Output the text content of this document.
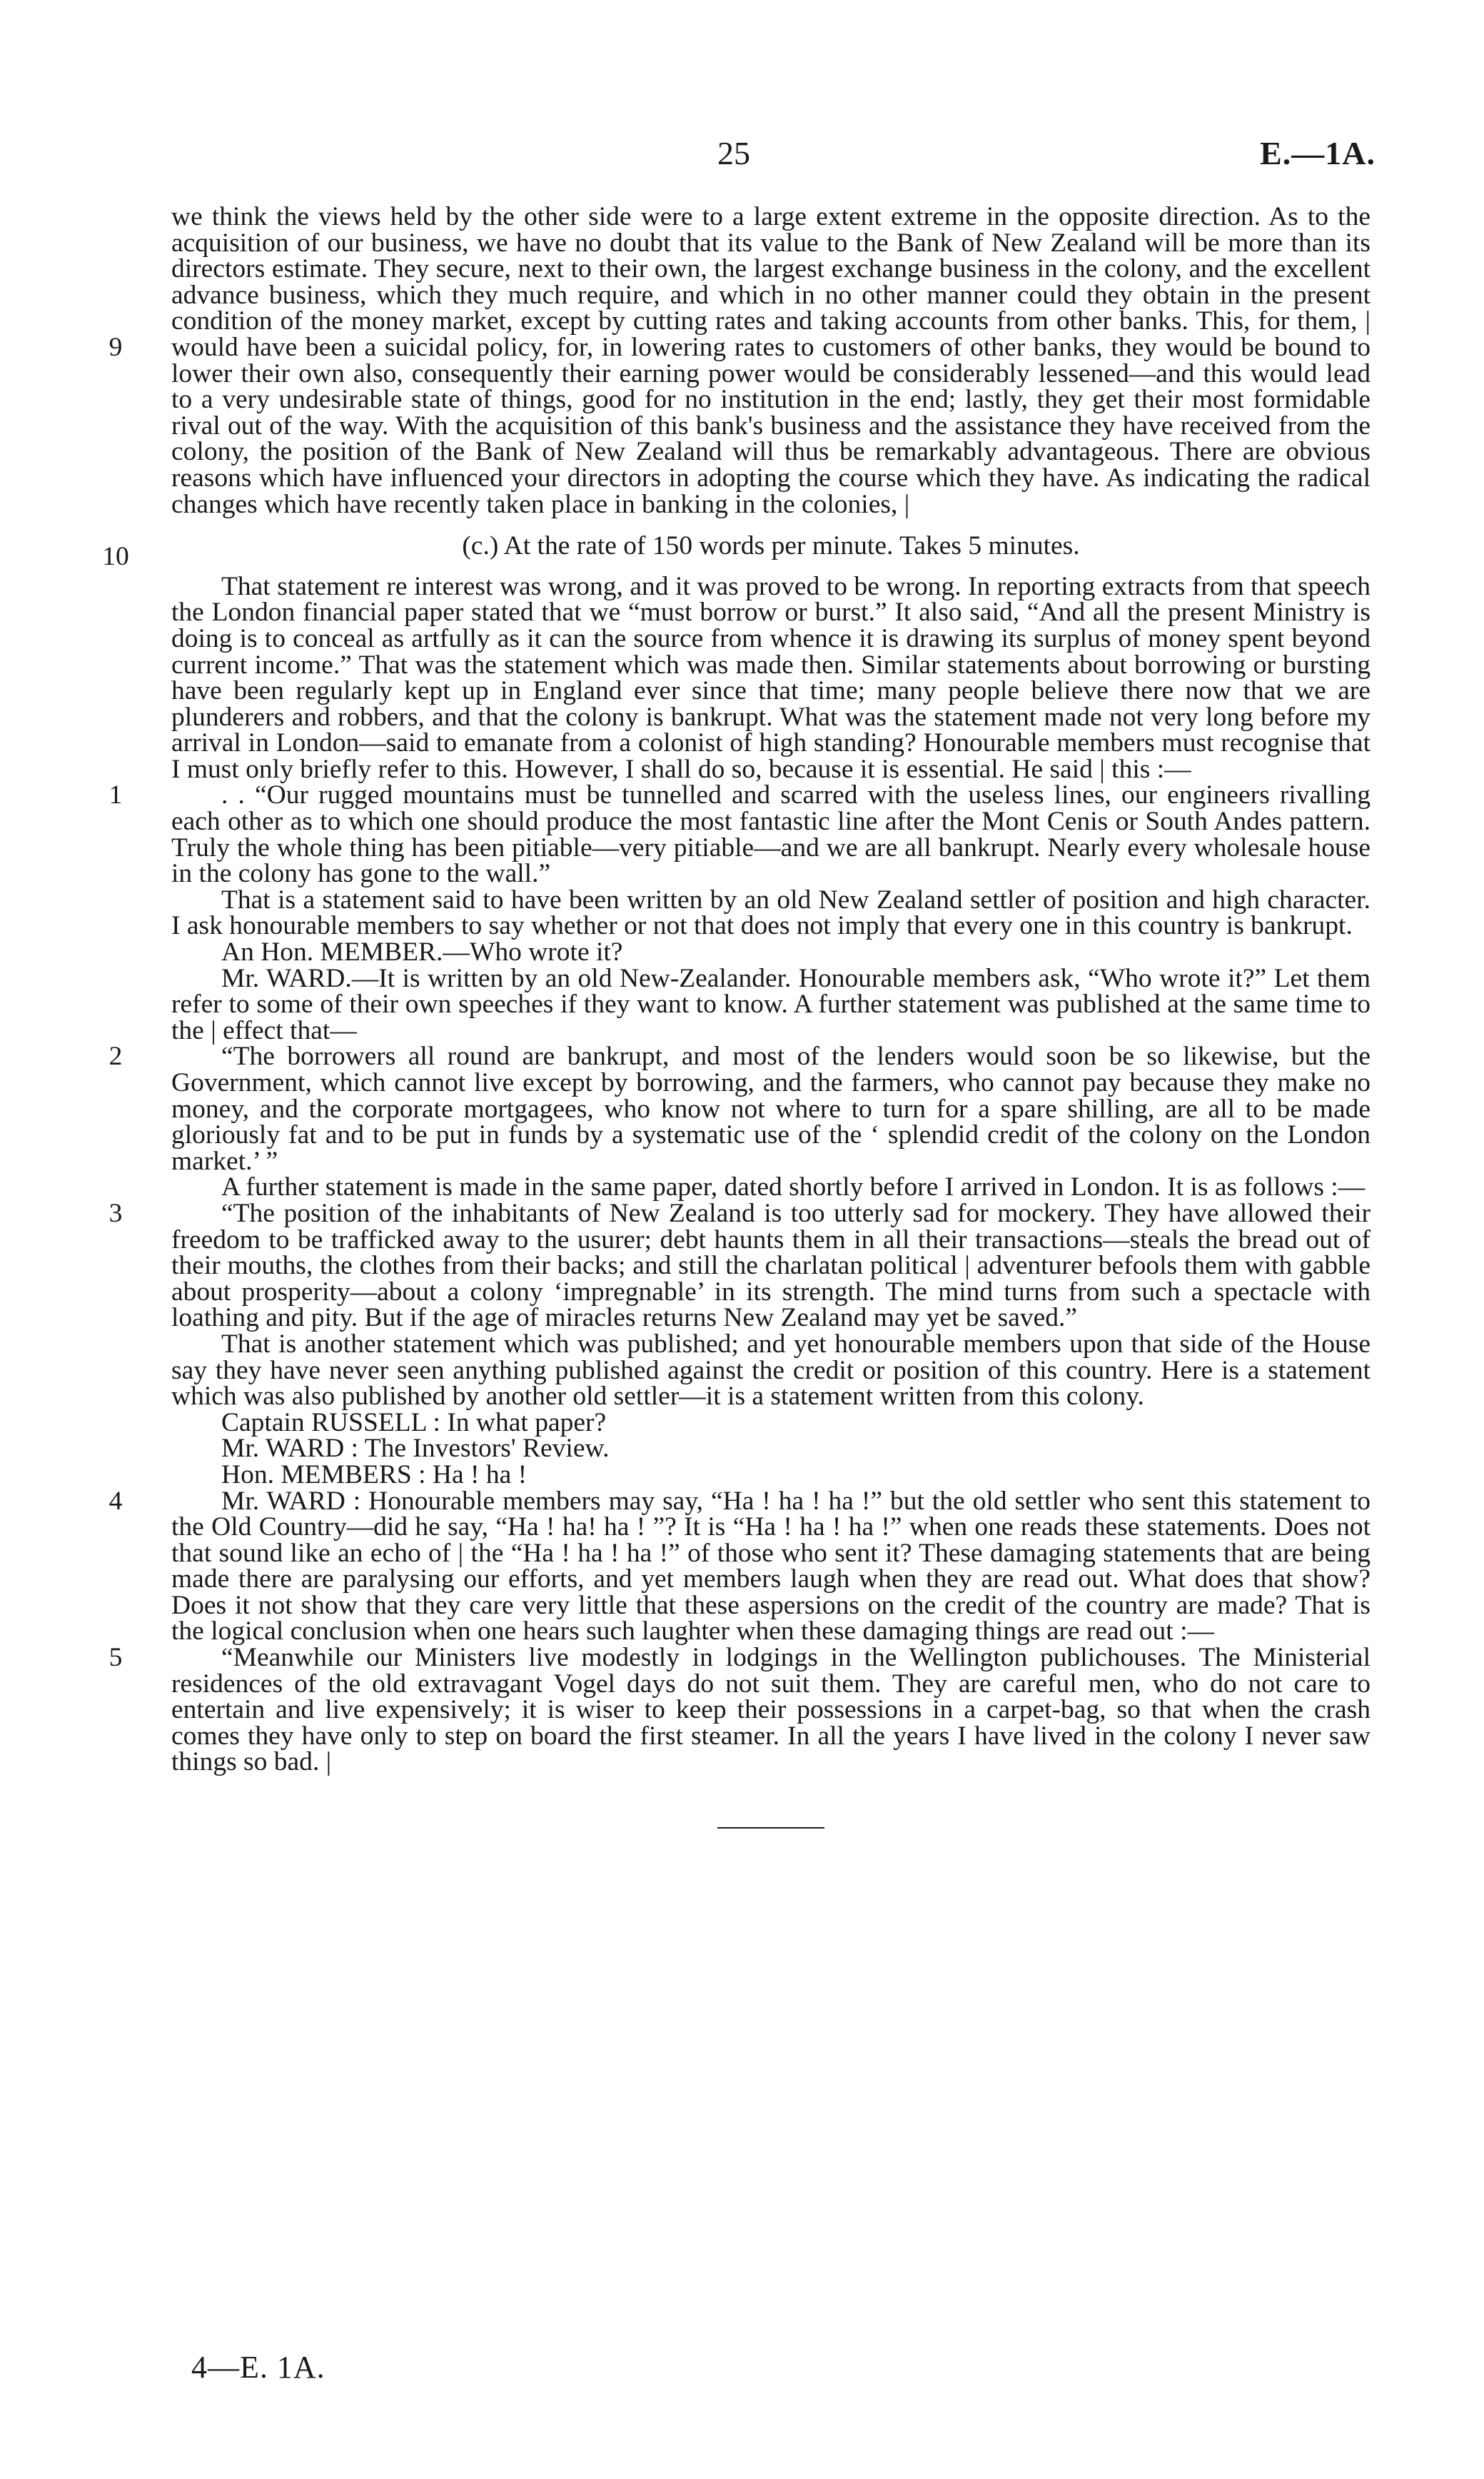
25	E.—1A.

we think the views held by the other side were to a large extent extreme in the opposite direction. As to the acquisition of our business, we have no doubt that its value to the Bank of New Zealand will be more than its directors estimate. They secure, next to their own, the largest exchange business in the colony, and the excellent advance business, which they much require, and which in no other manner could they obtain in the present condition of the money market, except by cutting rates and taking accounts from other banks. This, for them, | would have been a suicidal policy, for, in lowering rates to customers of other banks, they would be bound to lower their own also, consequently their earning power would be considerably lessened—and this would lead to a very undesirable state of things, good for no institution in the end; lastly, they get their most formidable rival out of the way. With the acquisition of this bank's business and the assistance they have received from the colony, the position of the Bank of New Zealand will thus be remarkably advantageous. There are obvious reasons which have influenced your directors in adopting the course which they have. As indicating the radical changes which have recently taken place in banking in the colonies, |
9
10	(c.) At the rate of 150 words per minute. Takes 5 minutes.

That statement re interest was wrong, and it was proved to be wrong. In reporting extracts from that speech the London financial paper stated that we “must borrow or burst.” It also said, “And all the present Ministry is doing is to conceal as artfully as it can the source from whence it is drawing its surplus of money spent beyond current income.” That was the statement which was made then. Similar statements about borrowing or bursting have been regularly kept up in England ever since that time; many people believe there now that we are plunderers and robbers, and that the colony is bankrupt. What was the statement made not very long before my arrival in London—said to emanate from a colonist of high standing? Honourable members must recognise that I must only briefly refer to this. However, I shall do so, because it is essential. He said | this :—

1	. . “Our rugged mountains must be tunnelled and scarred with the useless lines, our engineers rivalling each other as to which one should produce the most fantastic line after the Mont Cenis or South Andes pattern. Truly the whole thing has been pitiable—very pitiable—and we are all bankrupt. Nearly every wholesale house in the colony has gone to the wall.”

That is a statement said to have been written by an old New Zealand settler of position and high character. I ask honourable members to say whether or not that does not imply that every one in this country is bankrupt.

An Hon. MEMBER.—Who wrote it?

Mr. WARD.—It is written by an old New-Zealander. Honourable members ask, “Who wrote it?” Let them refer to some of their own speeches if they want to know. A further statement was published at the same time to the | effect that—

2	“The borrowers all round are bankrupt, and most of the lenders would soon be so likewise, but the Government, which cannot live except by borrowing, and the farmers, who cannot pay because they make no money, and the corporate mortgagees, who know not where to turn for a spare shilling, are all to be made gloriously fat and to be put in funds by a systematic use of the ‘ splendid credit of the colony on the London market.’ ”

A further statement is made in the same paper, dated shortly before I arrived in London. It is as follows :—

3	“The position of the inhabitants of New Zealand is too utterly sad for mockery. They have allowed their freedom to be trafficked away to the usurer; debt haunts them in all their transactions—steals the bread out of their mouths, the clothes from their backs; and still the charlatan political | adventurer befools them with gabble about prosperity—about a colony ‘impregnable’ in its strength. The mind turns from such a spectacle with loathing and pity. But if the age of miracles returns New Zealand may yet be saved.”

That is another statement which was published; and yet honourable members upon that side of the House say they have never seen anything published against the credit or position of this country. Here is a statement which was also published by another old settler—it is a statement written from this colony.

Captain RUSSELL : In what paper?

Mr. WARD : The Investors' Review.

Hon. MEMBERS : Ha ! ha !

4	Mr. WARD : Honourable members may say, “Ha ! ha ! ha !” but the old settler who sent this statement to the Old Country—did he say, “Ha ! ha! ha ! ”? It is “Ha ! ha ! ha !” when one reads these statements. Does not that sound like an echo of | the “Ha ! ha ! ha !” of those who sent it? These damaging statements that are being made there are paralysing our efforts, and yet members laugh when they are read out. What does that show? Does it not show that they care very little that these aspersions on the credit of the country are made? That is the logical conclusion when one hears such laughter when these damaging things are read out :—

5	“Meanwhile our Ministers live modestly in lodgings in the Wellington publichouses. The Ministerial residences of the old extravagant Vogel days do not suit them. They are careful men, who do not care to entertain and live expensively; it is wiser to keep their possessions in a carpet-bag, so that when the crash comes they have only to step on board the first steamer. In all the years I have lived in the colony I never saw things so bad. |

4—E. 1A.
